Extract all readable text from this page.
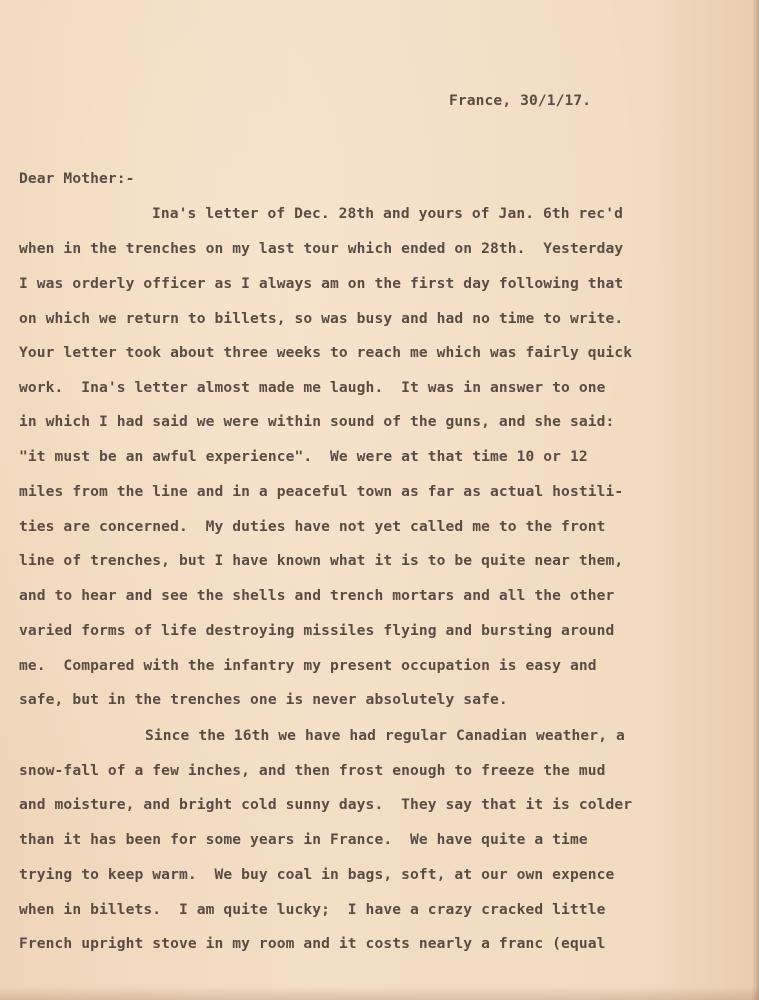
France, 30/1/17.
Dear Mother:-
Ina's letter of Dec. 28th and yours of Jan. 6th rec'd
when in the trenches on my last tour which ended on 28th.  Yesterday
I was orderly officer as I always am on the first day following that
on which we return to billets, so was busy and had no time to write.
Your letter took about three weeks to reach me which was fairly quick
work.  Ina's letter almost made me laugh.  It was in answer to one
in which I had said we were within sound of the guns, and she said:
"it must be an awful experience".  We were at that time 10 or 12
miles from the line and in a peaceful town as far as actual hostili-
ties are concerned.  My duties have not yet called me to the front
line of trenches, but I have known what it is to be quite near them,
and to hear and see the shells and trench mortars and all the other
varied forms of life destroying missiles flying and bursting around
me.  Compared with the infantry my present occupation is easy and
safe, but in the trenches one is never absolutely safe.
Since the 16th we have had regular Canadian weather, a
snow-fall of a few inches, and then frost enough to freeze the mud
and moisture, and bright cold sunny days.  They say that it is colder
than it has been for some years in France.  We have quite a time
trying to keep warm.  We buy coal in bags, soft, at our own expence
when in billets.  I am quite lucky;  I have a crazy cracked little
French upright stove in my room and it costs nearly a franc (equal
